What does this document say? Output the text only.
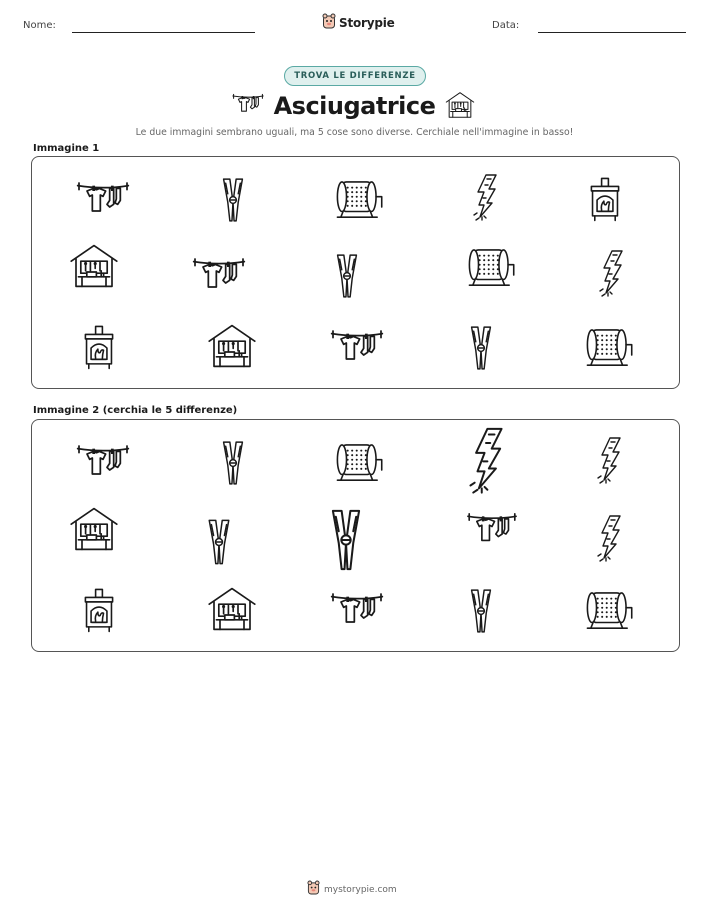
Nome:	Storypie	Data:
TROVA LE DIFFERENZE
Asciugatrice
Le due immagini sembrano uguali, ma 5 cose sono diverse. Cerchiale nell'immagine in basso!
Immagine 1
Immagine 2 (cerchia le 5 differenze)
mystorypie.com
